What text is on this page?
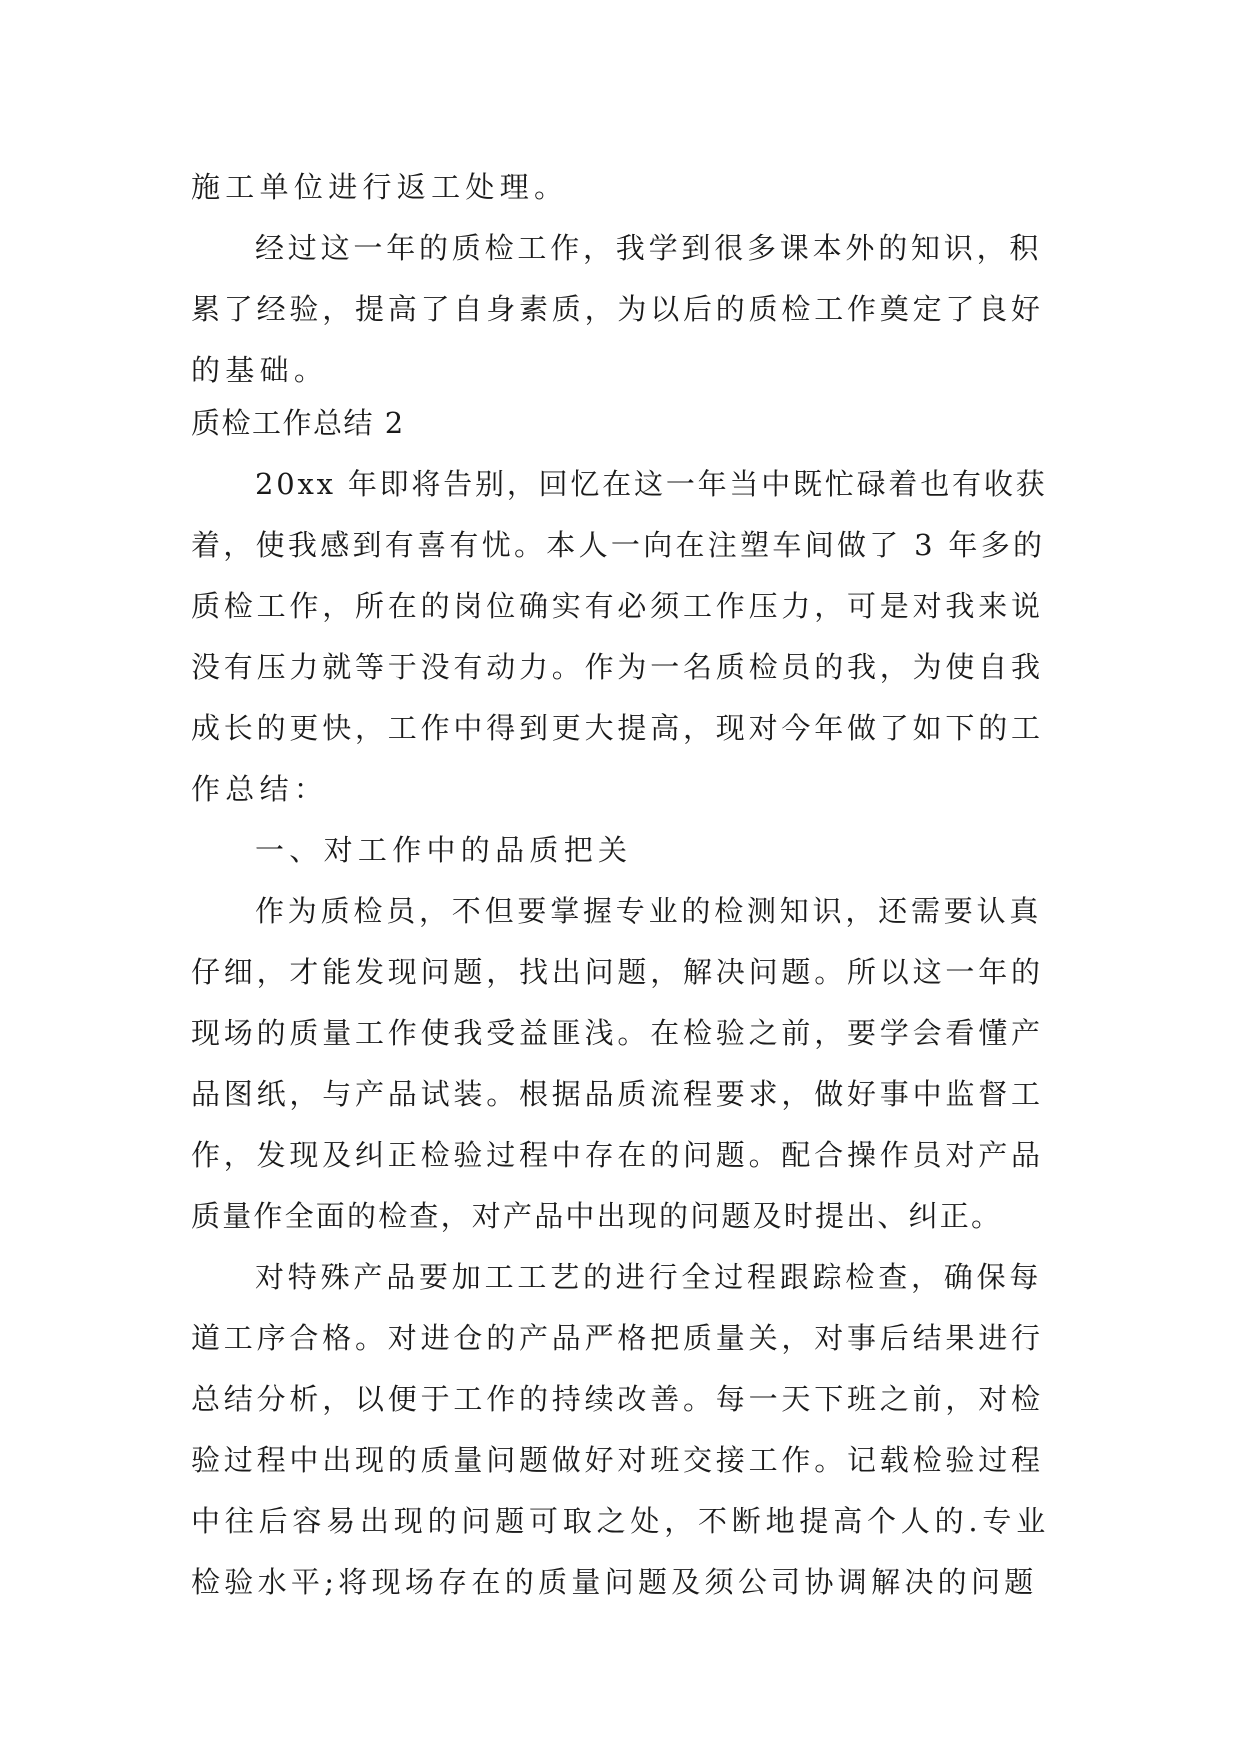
施工单位进行返工处理。
经过这一年的质检工作，我学到很多课本外的知识，积
累了经验，提高了自身素质，为以后的质检工作奠定了良好
的基础。
质检工作总结 2
20xx 年即将告别，回忆在这一年当中既忙碌着也有收获
着，使我感到有喜有忧。本人一向在注塑车间做了 3 年多的
质检工作，所在的岗位确实有必须工作压力，可是对我来说
没有压力就等于没有动力。作为一名质检员的我，为使自我
成长的更快，工作中得到更大提高，现对今年做了如下的工
作总结：
一、对工作中的品质把关
作为质检员，不但要掌握专业的检测知识，还需要认真
仔细，才能发现问题，找出问题，解决问题。所以这一年的
现场的质量工作使我受益匪浅。在检验之前，要学会看懂产
品图纸，与产品试装。根据品质流程要求，做好事中监督工
作，发现及纠正检验过程中存在的问题。配合操作员对产品
质量作全面的检查，对产品中出现的问题及时提出、纠正。
对特殊产品要加工工艺的进行全过程跟踪检查，确保每
道工序合格。对进仓的产品严格把质量关，对事后结果进行
总结分析，以便于工作的持续改善。每一天下班之前，对检
验过程中出现的质量问题做好对班交接工作。记载检验过程
中往后容易出现的问题可取之处，不断地提高个人的.专业
检验水平;将现场存在的质量问题及须公司协调解决的问题
